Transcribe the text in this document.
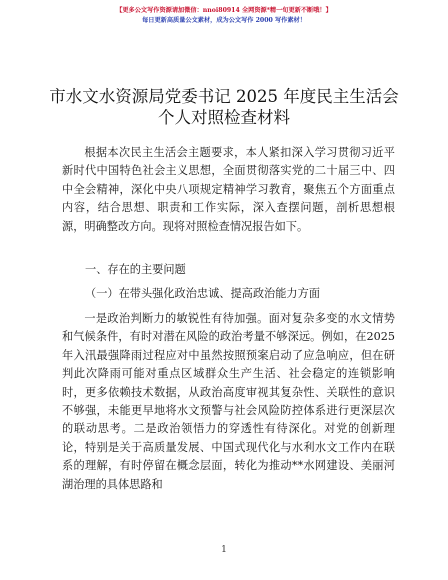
【更多公文写作资源请加微信：nnoi80914 全网资源*精一旬更新不断哦！】
每日更新高质量公文素材，成为公文写作 2000 写作素材！
市水文水资源局党委书记 2025 年度民主生活会
个人对照检查材料

根据本次民主生活会主题要求，本人紧扣深入学习贯彻习近平新时代中国特色社会主义思想，全面贯彻落实党的二十届三中、四中全会精神，深化中央八项规定精神学习教育，聚焦五个方面重点内容，结合思想、职责和工作实际，深入查摆问题，剖析思想根源，明确整改方向。现将对照检查情况报告如下。

一、存在的主要问题

（一）在带头强化政治忠诚、提高政治能力方面

一是政治判断力的敏锐性有待加强。面对复杂多变的水文情势和气候条件，有时对潜在风险的政治考量不够深远。例如，在2025年入汛最强降雨过程应对中虽然按照预案启动了应急响应，但在研判此次降雨可能对重点区域群众生产生活、社会稳定的连锁影响时，更多依赖技术数据，从政治高度审视其复杂性、关联性的意识不够强，未能更早地将水文预警与社会风险防控体系进行更深层次的联动思考。二是政治领悟力的穿透性有待深化。对党的创新理论，特别是关于高质量发展、中国式现代化与水利水文工作内在联系的理解，有时停留在概念层面，转化为推动**水网建设、美丽河湖治理的具体思路和

1
